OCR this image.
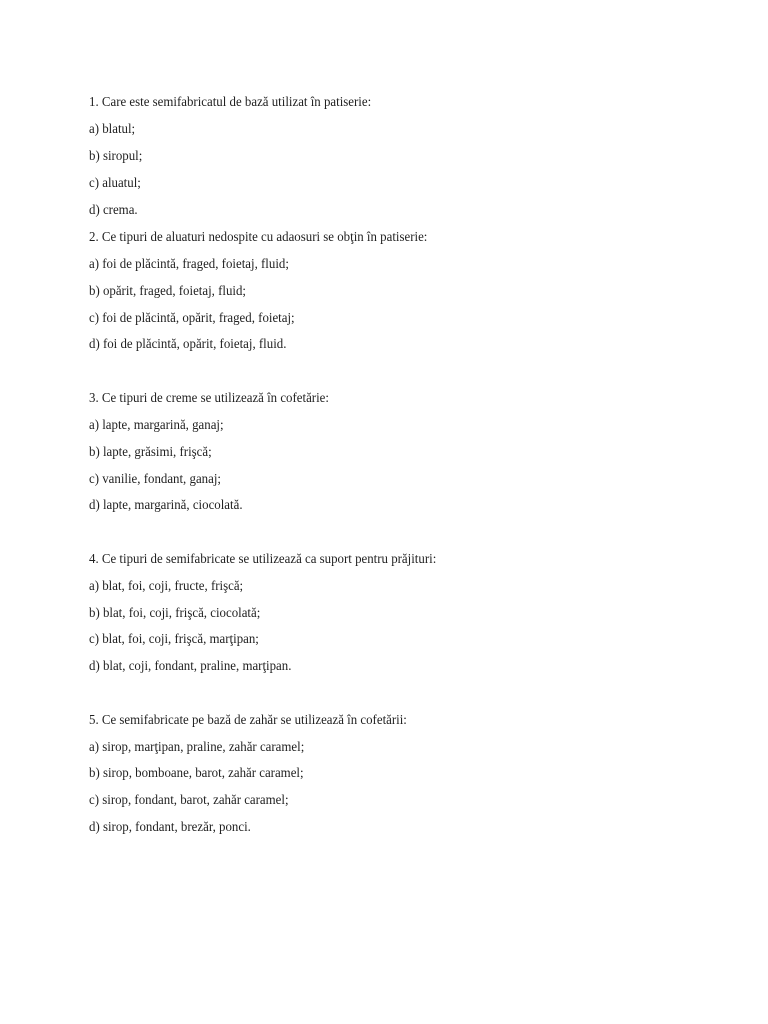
1. Care este semifabricatul de bază utilizat în patiserie:
a) blatul;
b) siropul;
c) aluatul;
d) crema.
2. Ce tipuri de aluaturi nedospite cu adaosuri se obţin în patiserie:
a) foi de plăcintă, fraged, foietaj, fluid;
b) opărit, fraged, foietaj, fluid;
c) foi de plăcintă, opărit, fraged, foietaj;
d) foi de plăcintă, opărit, foietaj, fluid.
3. Ce tipuri de creme se utilizează în cofetărie:
a) lapte, margarină, ganaj;
b) lapte, grăsimi, frişcă;
c) vanilie, fondant, ganaj;
d) lapte, margarină, ciocolată.
4. Ce tipuri de semifabricate se utilizează ca suport pentru prăjituri:
a) blat, foi, coji, fructe, frişcă;
b) blat, foi, coji, frişcă, ciocolată;
c) blat, foi, coji, frişcă, marţipan;
d) blat, coji, fondant, praline, marţipan.
5. Ce semifabricate pe bază de zahăr se utilizează în cofetării:
a) sirop, marţipan, praline, zahăr caramel;
b) sirop, bomboane, barot, zahăr caramel;
c) sirop, fondant, barot, zahăr caramel;
d) sirop, fondant, brezăr, ponci.
